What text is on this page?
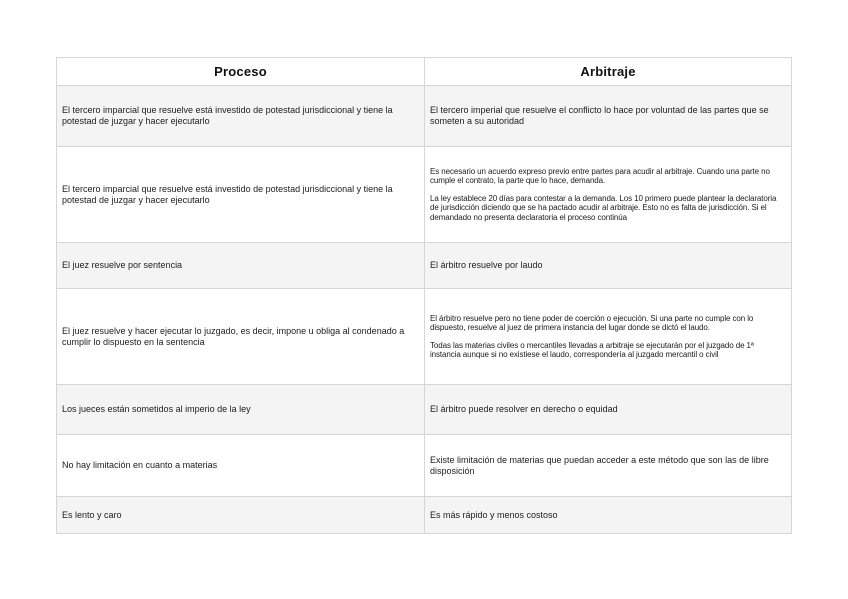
Proceso	Arbitraje
El tercero imparcial que resuelve está investido de potestad jurisdiccional y tiene la potestad de juzgar y hacer ejecutarlo	El tercero imperial que resuelve el conflicto lo hace por voluntad de las partes que se someten a su autoridad
El tercero imparcial que resuelve está investido de potestad jurisdiccional y tiene la potestad de juzgar y hacer ejecutarlo	Es necesario un acuerdo expreso previo entre partes para acudir al arbitraje. Cuando una parte no cumple el contrato, la parte que lo hace, demanda.

La ley establece 20 días para contestar a la demanda. Los 10 primero puede plantear la declaratoria de jurisdicción diciendo que se ha pactado acudir al arbitraje. Esto no es falta de jurisdicción. Si el demandado no presenta declaratoria el proceso continúa

El juez resuelve por sentencia	El árbitro resuelve por laudo
El juez resuelve y hacer ejecutar lo juzgado, es decir, impone u obliga al condenado a cumplir lo dispuesto en la sentencia	El árbitro resuelve pero no tiene poder de coerción o ejecución. Si una parte no cumple con lo dispuesto, resuelve al juez de primera instancia del lugar donde se dictó el laudo.

Todas las materias civiles o mercantiles llevadas a arbitraje se ejecutarán por el juzgado de 1ª instancia aunque si no existiese el laudo, correspondería al juzgado mercantil o civil

Los jueces están sometidos al imperio de la ley	El árbitro puede resolver en derecho o equidad
No hay limitación en cuanto a materias	Existe limitación de materias que puedan acceder a este método que son las de libre disposición
Es lento y caro	Es más rápido y menos costoso
